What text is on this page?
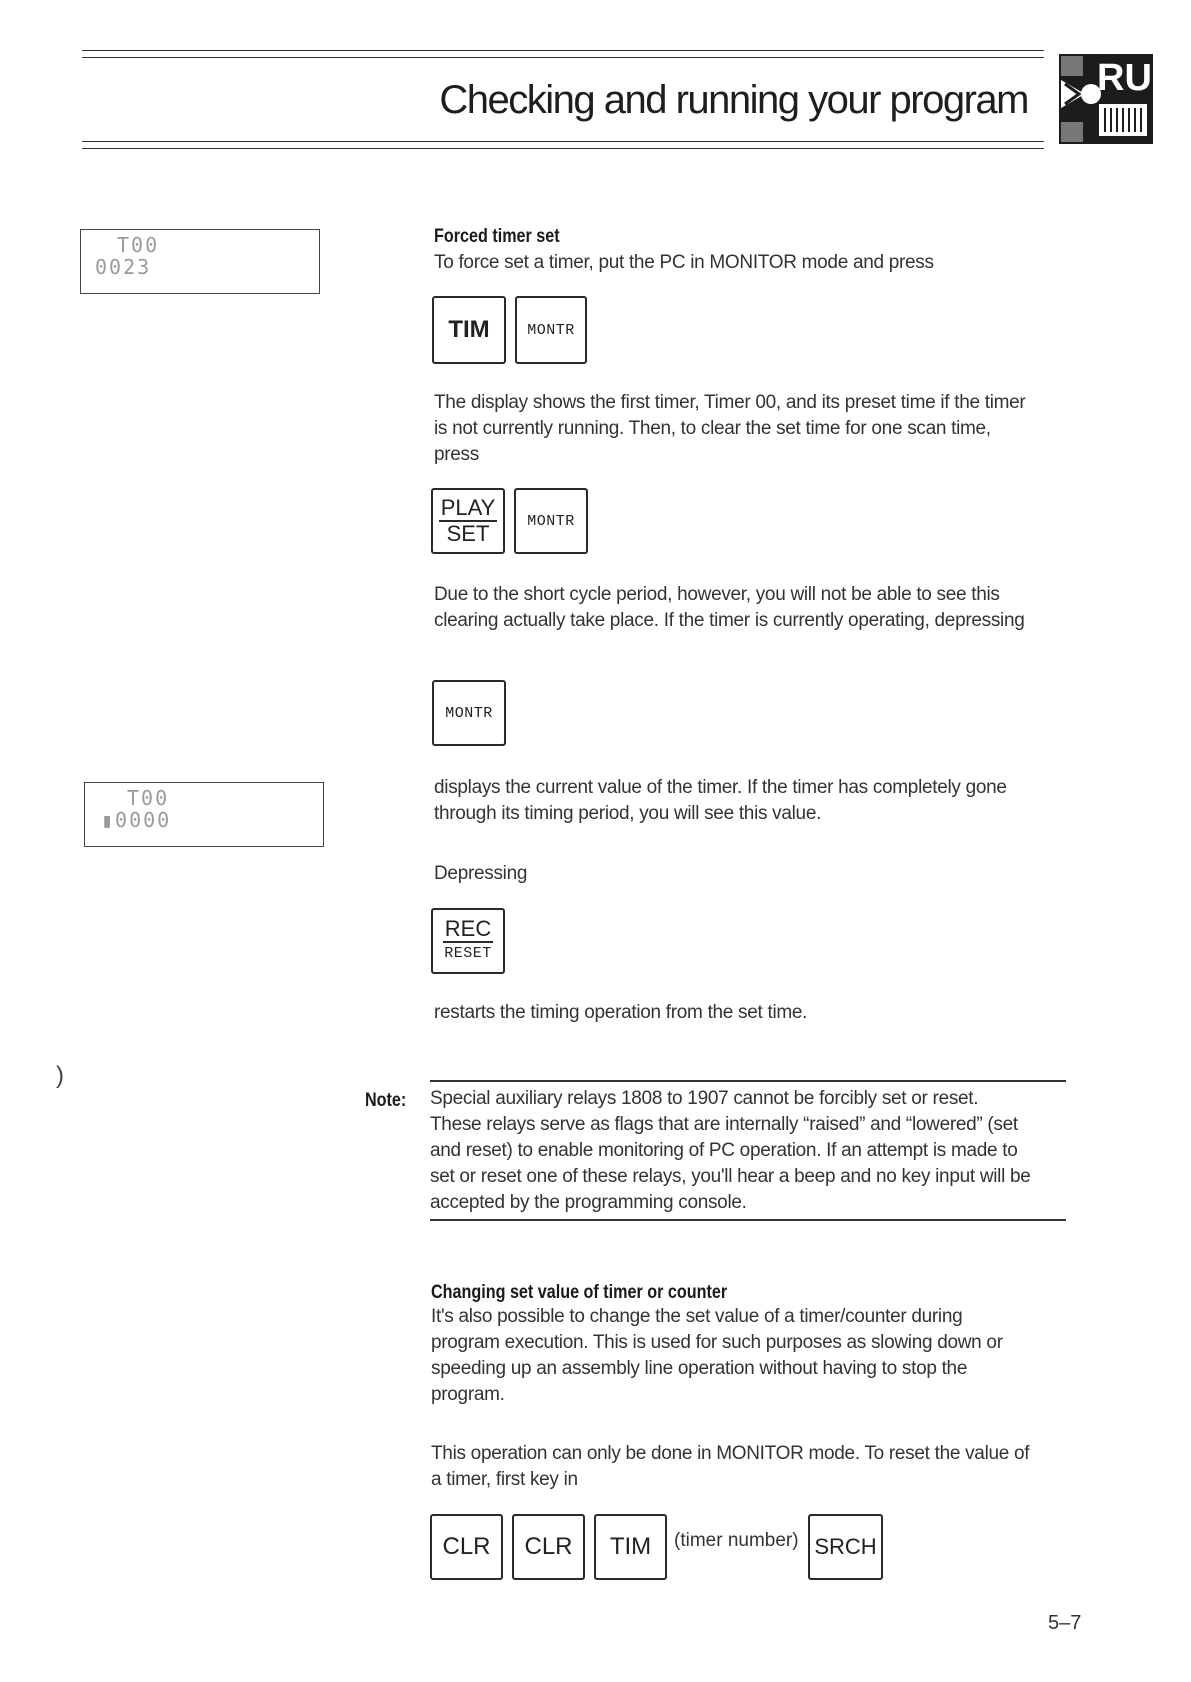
Checking and running your program RUN
T00
0023
T00
▮0000
Forced timer set
To force set a timer, put the PC in MONITOR mode and press
TIM	MONTR
The display shows the first timer, Timer 00, and its preset time if the timer
is not currently running. Then, to clear the set time for one scan time,
press
PLAY
SET	MONTR
Due to the short cycle period, however, you will not be able to see this
clearing actually take place. If the timer is currently operating, depressing
MONTR
displays the current value of the timer. If the timer has completely gone
through its timing period, you will see this value.
Depressing
REC
RESET
restarts the timing operation from the set time.
)
Note: Special auxiliary relays 1808 to 1907 cannot be forcibly set or reset.
These relays serve as flags that are internally “raised” and “lowered” (set
and reset) to enable monitoring of PC operation. If an attempt is made to
set or reset one of these relays, you'll hear a beep and no key input will be
accepted by the programming console.
Changing set value of timer or counter
It's also possible to change the set value of a timer/counter during
program execution. This is used for such purposes as slowing down or
speeding up an assembly line operation without having to stop the
program.
This operation can only be done in MONITOR mode. To reset the value of
a timer, first key in
CLR CLR TIM (timer number) SRCH
5–7
